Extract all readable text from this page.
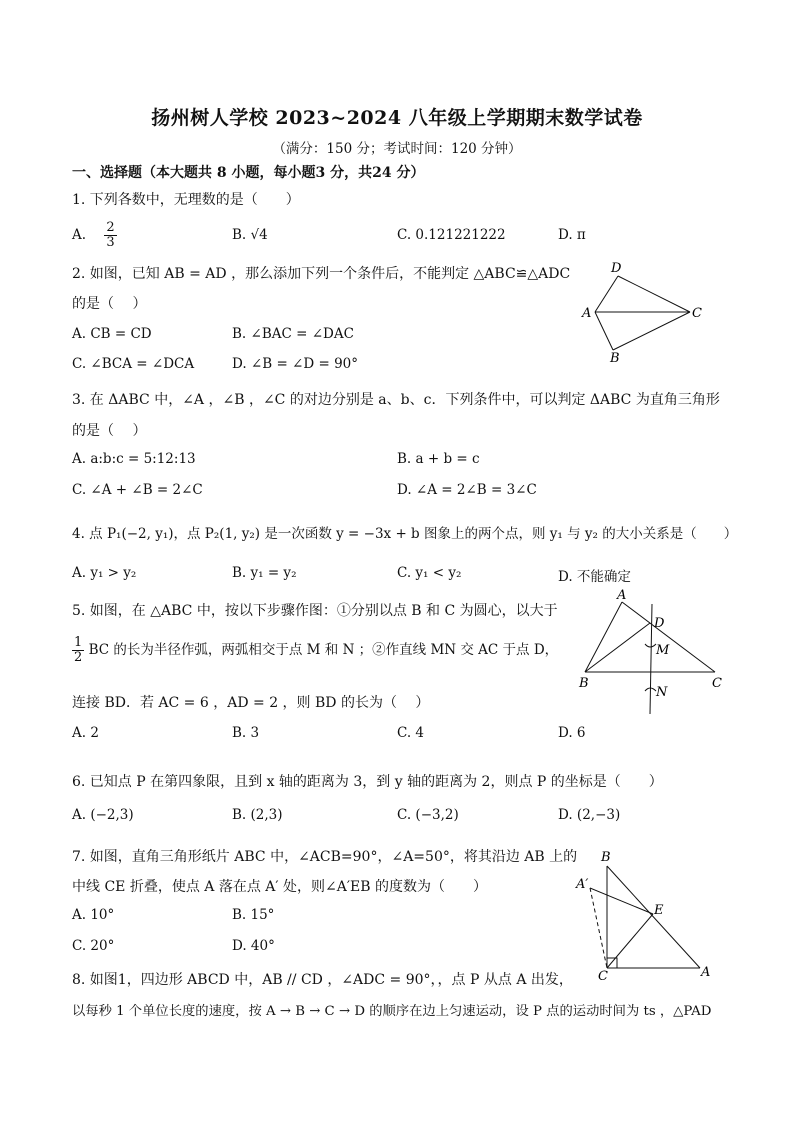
扬州树人学校 2023~2024 八年级上学期期末数学试卷
（满分：150 分；考试时间：120 分钟）
一、选择题（本大题共 8 小题，每小题3 分，共24 分）
1. 下列各数中，无理数的是（　　）
A. $\frac{2}{3}$	B. √4	C. 0.121221222	D. π
2. 如图，已知 AB = AD ，那么添加下列一个条件后，不能判定 △ABC≌△ADC
的是（　 ）
A. CB = CD	B. ∠BAC = ∠DAC
C. ∠BCA = ∠DCA	D. ∠B = ∠D = 90°
D
A	C
B
3. 在 ΔABC 中，∠A ，∠B ，∠C 的对边分别是 a、b、c．下列条件中，可以判定 ΔABC 为直角三角形
的是（　 ）
A. a:b:c = 5:12:13	B. a + b = c
C. ∠A + ∠B = 2∠C	D. ∠A = 2∠B = 3∠C
4. 点 P₁(−2, y₁)，点 P₂(1, y₂) 是一次函数 y = −3x + b 图象上的两个点，则 y₁ 与 y₂ 的大小关系是（　　）
A. y₁ > y₂	B. y₁ = y₂	C. y₁ < y₂	D. 不能确定
5. 如图，在 △ABC 中，按以下步骤作图：①分别以点 B 和 C 为圆心，以大于
$\frac{1}{2}$ BC 的长为半径作弧，两弧相交于点 M 和 N ；②作直线 MN 交 AC 于点 D，
连接 BD．若 AC = 6 ，AD = 2 ，则 BD 的长为（　 ）
A. 2	B. 3	C. 4	D. 6
A
D
M
B
N
C
6. 已知点 P 在第四象限，且到 x 轴的距离为 3，到 y 轴的距离为 2，则点 P 的坐标是（　　）
A. (−2,3)	B. (2,3)	C. (−3,2)	D. (2,−3)
7. 如图，直角三角形纸片 ABC 中，∠ACB=90°，∠A=50°，将其沿边 AB 上的
中线 CE 折叠，使点 A 落在点 A′ 处，则∠A′EB 的度数为（　　）
A. 10°	B. 15°
C. 20°	D. 40°
B
A′
E
C	A
8. 如图1，四边形 ABCD 中，AB // CD ，∠ADC = 90°，，点 P 从点 A 出发，
以每秒 1 个单位长度的速度，按 A → B → C → D 的顺序在边上匀速运动，设 P 点的运动时间为 ts ，△PAD
